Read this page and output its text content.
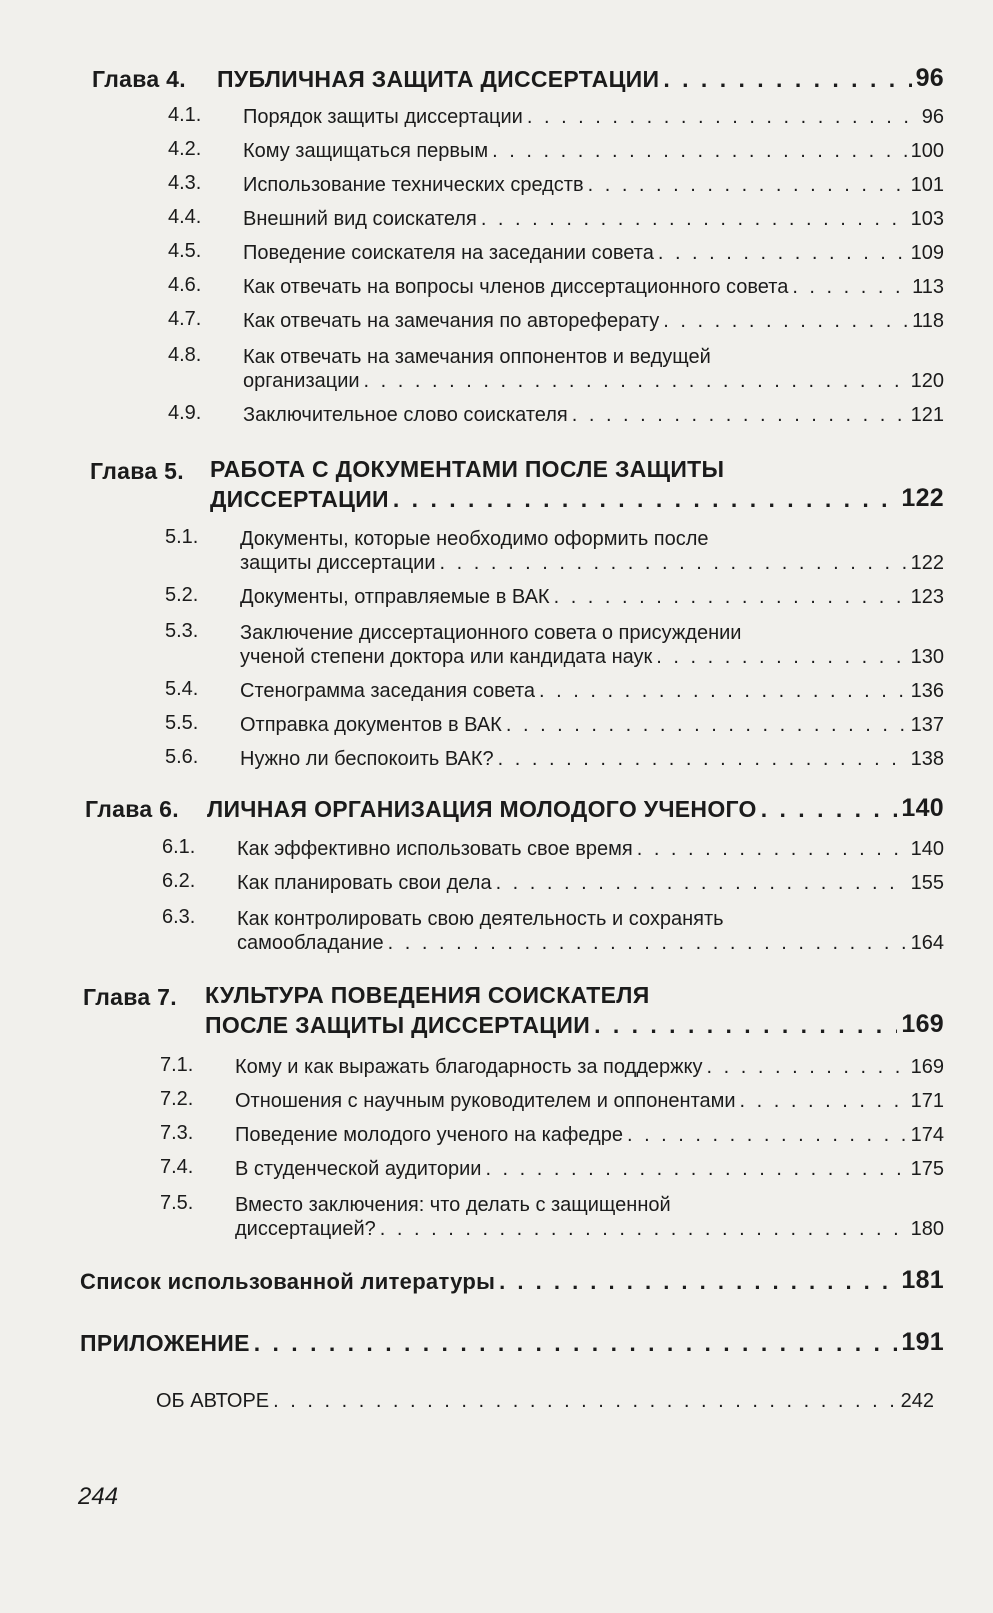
Глава 4. ПУБЛИЧНАЯ ЗАЩИТА ДИССЕРТАЦИИ . . .	96
4.1. Порядок защиты диссертации . . .	96
4.2. Кому защищаться первым . . .	100
4.3. Использование технических средств . . .	101
4.4. Внешний вид соискателя . . .	103
4.5. Поведение соискателя на заседании совета . . .	109
4.6. Как отвечать на вопросы членов диссертационного совета . . .	113
4.7. Как отвечать на замечания по автореферату . . .	118
Как отвечать на замечания оппонентов и ведущей
4.8.
организации . . .	120
4.9. Заключительное слово соискателя . . .	121
РАБОТА С ДОКУМЕНТАМИ ПОСЛЕ ЗАЩИТЫ
Глава 5.
ДИССЕРТАЦИИ . . .	122
Документы, которые необходимо оформить после
5.1.
защиты диссертации . . .	122
5.2. Документы, отправляемые в ВАК . . .	123
Заключение диссертационного совета о присуждении
5.3.
ученой степени доктора или кандидата наук . . .	130
5.4. Стенограмма заседания совета . . .	136
5.5. Отправка документов в ВАК . . .	137
5.6. Нужно ли беспокоить ВАК? . . .	138
Глава 6. ЛИЧНАЯ ОРГАНИЗАЦИЯ МОЛОДОГО УЧЕНОГО . . .	140
6.1. Как эффективно использовать свое время . . .	140
6.2. Как планировать свои дела . . .	155
Как контролировать свою деятельность и сохранять
6.3.
самообладание . . .	164
КУЛЬТУРА ПОВЕДЕНИЯ СОИСКАТЕЛЯ
Глава 7.
ПОСЛЕ ЗАЩИТЫ ДИССЕРТАЦИИ . . .	169
7.1. Кому и как выражать благодарность за поддержку . . .	169
7.2. Отношения с научным руководителем и оппонентами . . .	171
7.3. Поведение молодого ученого на кафедре . . .	174
7.4. В студенческой аудитории . . .	175
Вместо заключения: что делать с защищенной
7.5.
диссертацией? . . .	180
Список использованной литературы . . .	181
ПРИЛОЖЕНИЕ . . .	191
ОБ АВТОРЕ . . .	242
244
